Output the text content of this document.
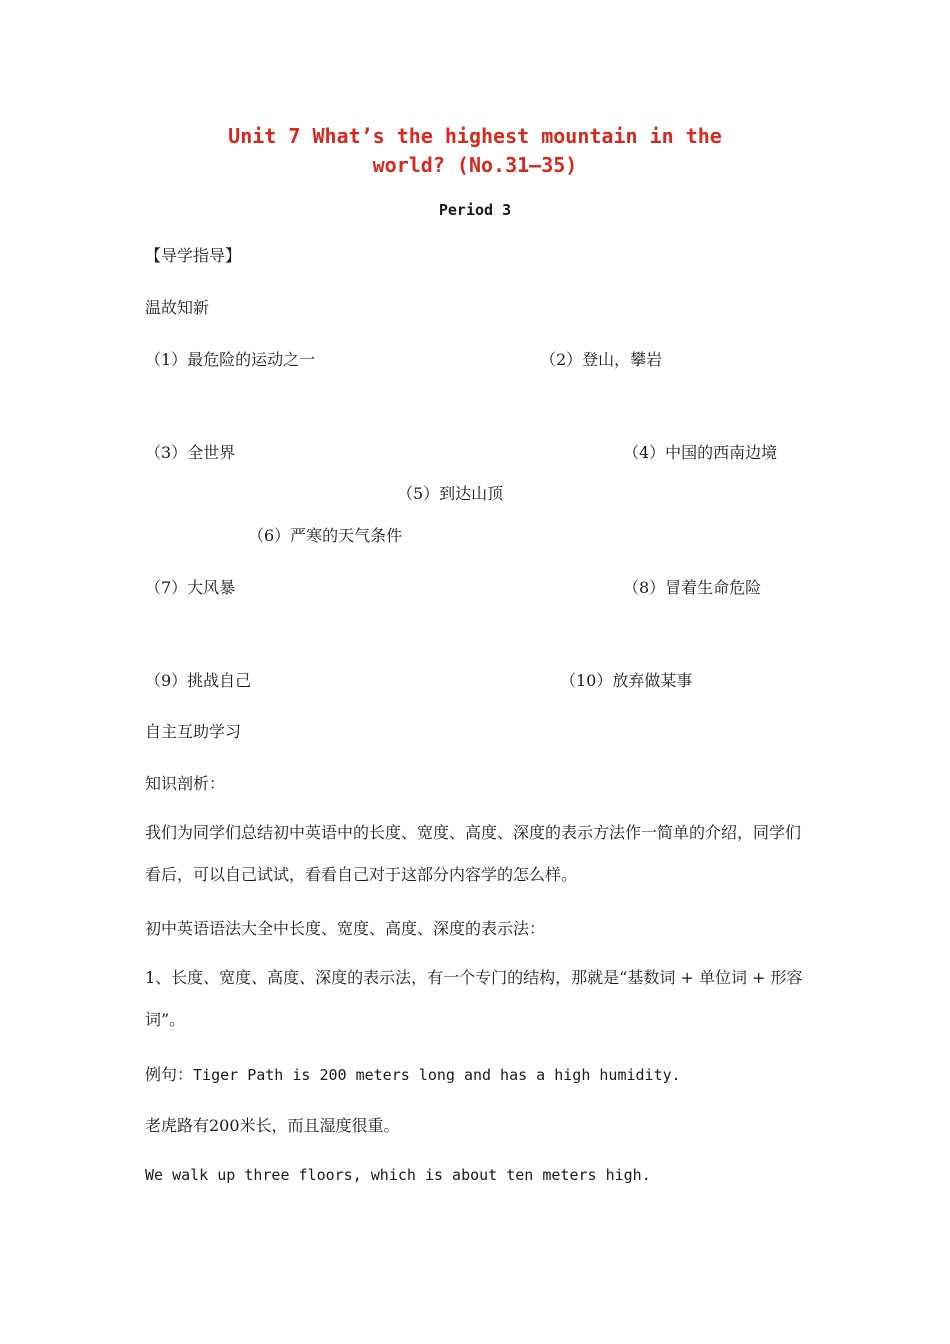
Unit 7 What’s the highest mountain in the
world? (No.31—35)
Period 3
【导学指导】
温故知新
（1）最危险的运动之一	（2）登山，攀岩
（3）全世界	（4）中国的西南边境
（5）到达山顶
（6）严寒的天气条件
（7）大风暴	（8）冒着生命危险
（9）挑战自己	（10）放弃做某事
自主互助学习
知识剖析：
我们为同学们总结初中英语中的长度、宽度、高度、深度的表示方法作一简单的介绍，同学们看后，可以自己试试，看看自己对于这部分内容学的怎么样。
初中英语语法大全中长度、宽度、高度、深度的表示法：
1、长度、宽度、高度、深度的表示法，有一个专门的结构，那就是“基数词 + 单位词 + 形容词”。
例句：Tiger Path is 200 meters long and has a high humidity.
老虎路有200米长，而且湿度很重。
We walk up three floors, which is about ten meters high.
